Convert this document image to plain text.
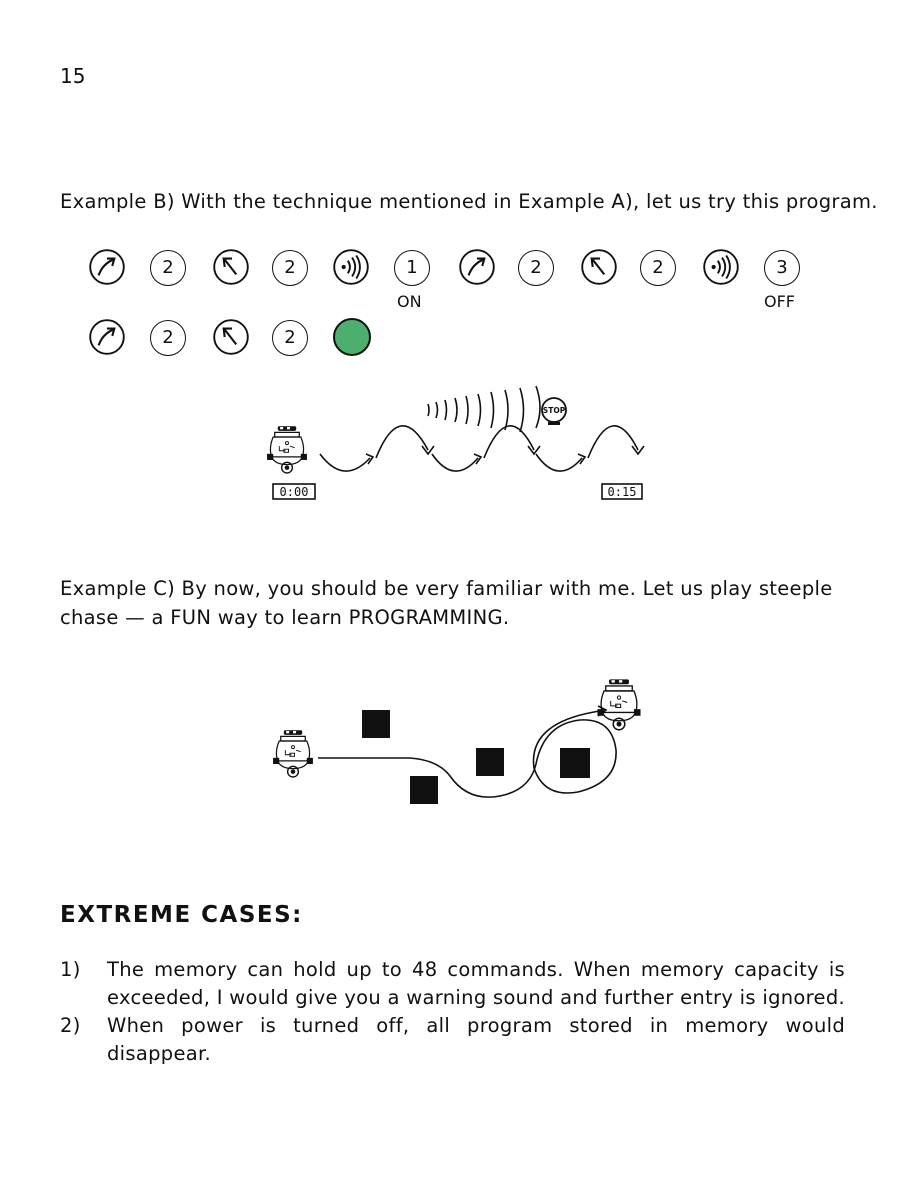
15
Example B) With the technique mentioned in Example A), let us try this program.
2	2	1	2	2	3
ON	OFF
2	2
STOP
0:00	0:15
Example C) By now, you should be very familiar with me. Let us play steeple chase — a FUN way to learn PROGRAMMING.
EXTREME CASES:
1) The memory can hold up to 48 commands. When memory capacity is exceeded, I would give you a warning sound and further entry is ignored.
2) When power is turned off, all program stored in memory would disappear.
